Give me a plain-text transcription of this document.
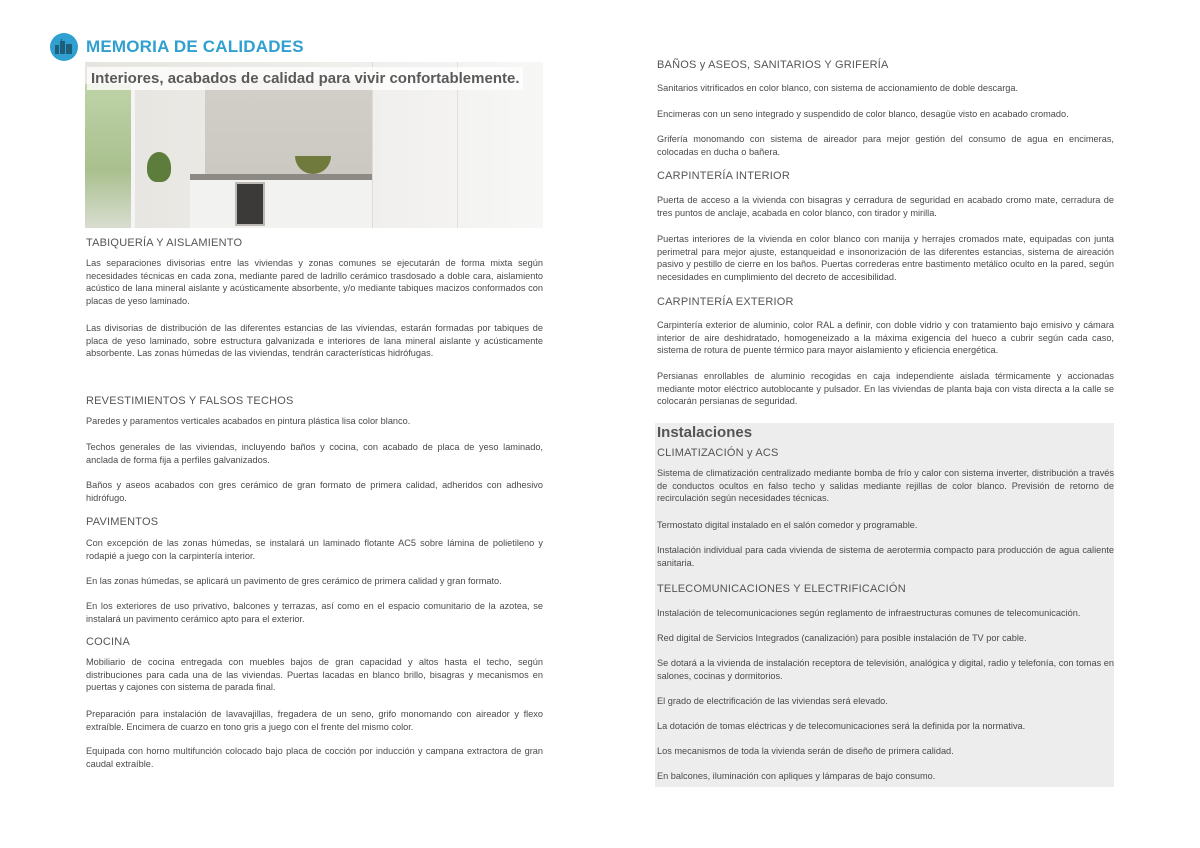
MEMORIA DE CALIDADES
Interiores, acabados de calidad para vivir confortablemente.
TABIQUERÍA Y AISLAMIENTO

Las separaciones divisorias entre las viviendas y zonas comunes se ejecutarán de forma mixta según necesidades técnicas en cada zona, mediante pared de ladrillo cerámico trasdosado a doble cara, aislamiento acústico de lana mineral aislante y acústicamente absorbente, y/o mediante tabiques macizos conformados con placas de yeso laminado.

Las divisorias de distribución de las diferentes estancias de las viviendas, estarán formadas por tabiques de placa de yeso laminado, sobre estructura galvanizada e interiores de lana mineral aislante y acústicamente absorbente. Las zonas húmedas de las viviendas, tendrán características hidrófugas.

REVESTIMIENTOS Y FALSOS TECHOS

Paredes y paramentos verticales acabados en pintura plástica lisa color blanco.

Techos generales de las viviendas, incluyendo baños y cocina, con acabado de placa de yeso laminado, anclada de forma fija a perfiles galvanizados.

Baños y aseos acabados con gres cerámico de gran formato de primera calidad, adheridos con adhesivo hidrófugo.

PAVIMENTOS

Con excepción de las zonas húmedas, se instalará un laminado flotante AC5 sobre lámina de polietileno y rodapié a juego con la carpintería interior.

En las zonas húmedas, se aplicará un pavimento de gres cerámico de primera calidad y gran formato.

En los exteriores de uso privativo, balcones y terrazas, así como en el espacio comunitario de la azotea, se instalará un pavimento cerámico apto para el exterior.

COCINA

Mobiliario de cocina entregada con muebles bajos de gran capacidad y altos hasta el techo, según distribuciones para cada una de las viviendas. Puertas lacadas en blanco brillo, bisagras y mecanismos en puertas y cajones con sistema de parada final.

Preparación para instalación de lavavajillas, fregadera de un seno, grifo monomando con aireador y flexo extraíble. Encimera de cuarzo en tono gris a juego con el frente del mismo color.

Equipada con horno multifunción colocado bajo placa de cocción por inducción y campana extractora de gran caudal extraíble.

BAÑOS y ASEOS, SANITARIOS Y GRIFERÍA

Sanitarios vitrificados en color blanco, con sistema de accionamiento de doble descarga.

Encimeras con un seno integrado y suspendido de color blanco, desagüe visto en acabado cromado.

Grifería monomando con sistema de aireador para mejor gestión del consumo de agua en encimeras, colocadas en ducha o bañera.

CARPINTERÍA INTERIOR

Puerta de acceso a la vivienda con bisagras y cerradura de seguridad en acabado cromo mate, cerradura de tres puntos de anclaje, acabada en color blanco, con tirador y mirilla.

Puertas interiores de la vivienda en color blanco con manija y herrajes cromados mate, equipadas con junta perimetral para mejor ajuste, estanqueidad e insonorización de las diferentes estancias, sistema de aireación pasivo y pestillo de cierre en los baños. Puertas correderas entre bastimento metálico oculto en la pared, según necesidades en cumplimiento del decreto de accesibilidad.

CARPINTERÍA EXTERIOR

Carpintería exterior de aluminio, color RAL a definir, con doble vidrio y con tratamiento bajo emisivo y cámara interior de aire deshidratado, homogeneizado a la máxima exigencia del hueco a cubrir según cada caso, sistema de rotura de puente térmico para mayor aislamiento y eficiencia energética.

Persianas enrollables de aluminio recogidas en caja independiente aislada térmicamente y accionadas mediante motor eléctrico autoblocante y pulsador. En las viviendas de planta baja con vista directa a la calle se colocarán persianas de seguridad.

Instalaciones
CLIMATIZACIÓN y ACS

Sistema de climatización centralizado mediante bomba de frío y calor con sistema inverter, distribución a través de conductos ocultos en falso techo y salidas mediante rejillas de color blanco. Previsión de retorno de recirculación según necesidades técnicas.

Termostato digital instalado en el salón comedor y programable.

Instalación individual para cada vivienda de sistema de aerotermia compacto para producción de agua caliente sanitaria.

TELECOMUNICACIONES Y ELECTRIFICACIÓN

Instalación de telecomunicaciones según reglamento de infraestructuras comunes de telecomunicación.

Red digital de Servicios Integrados (canalización) para posible instalación de TV por cable.

Se dotará a la vivienda de instalación receptora de televisión, analógica y digital, radio y telefonía, con tomas en salones, cocinas y dormitorios.

El grado de electrificación de las viviendas será elevado.

La dotación de tomas eléctricas y de telecomunicaciones será la definida por la normativa.

Los mecanismos de toda la vivienda serán de diseño de primera calidad.

En balcones, iluminación con apliques y lámparas de bajo consumo.
